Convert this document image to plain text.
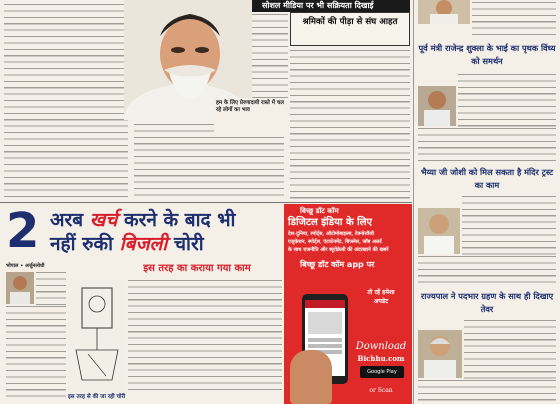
सोशल मीडिया पर भी सक्रियता दिखाई
श्रमिकों की पीड़ा से संघ आहत
हम के लिए प्रेरणादायी रास्ते में चल रहे लोगों का भाव
पूर्व मंत्री राजेन्द्र शुक्ला के भाई का पृथक विंध्य को समर्थन
भैय्या जी जोशी को मिल सकता है मंदिर ट्रस्ट का काम
राज्यपाल ने पदभार ग्रहण के साथ ही दिखाए तेवर
2 अरब खर्च करने के बाद भी
नहीं रुकी बिजली चोरी
इस तरह का कराया गया काम
भोपाल • अर्जुनलोधी
इस तरह से की जा रही चोरी
बिच्छू डॉट कॉम
डिजिटल इंडिया के लिए
देश-दुनिया, स्पोर्ट्स, ऑटोमोबाइल्स, टेक्नोलॉजी
एजुकेशन, स्पोर्ट्स, एंटरटेनमेंट, बिजनेस, जॉब अलर्ट
के साथ राजनीति और ब्यूरोक्रेसी की अंदरखाने की खबरें
बिच्छू डॉट कॉम app पर
तो रहें हमेशा
अपडेट
Download
Bichhu.com
Google Play
or Scan
